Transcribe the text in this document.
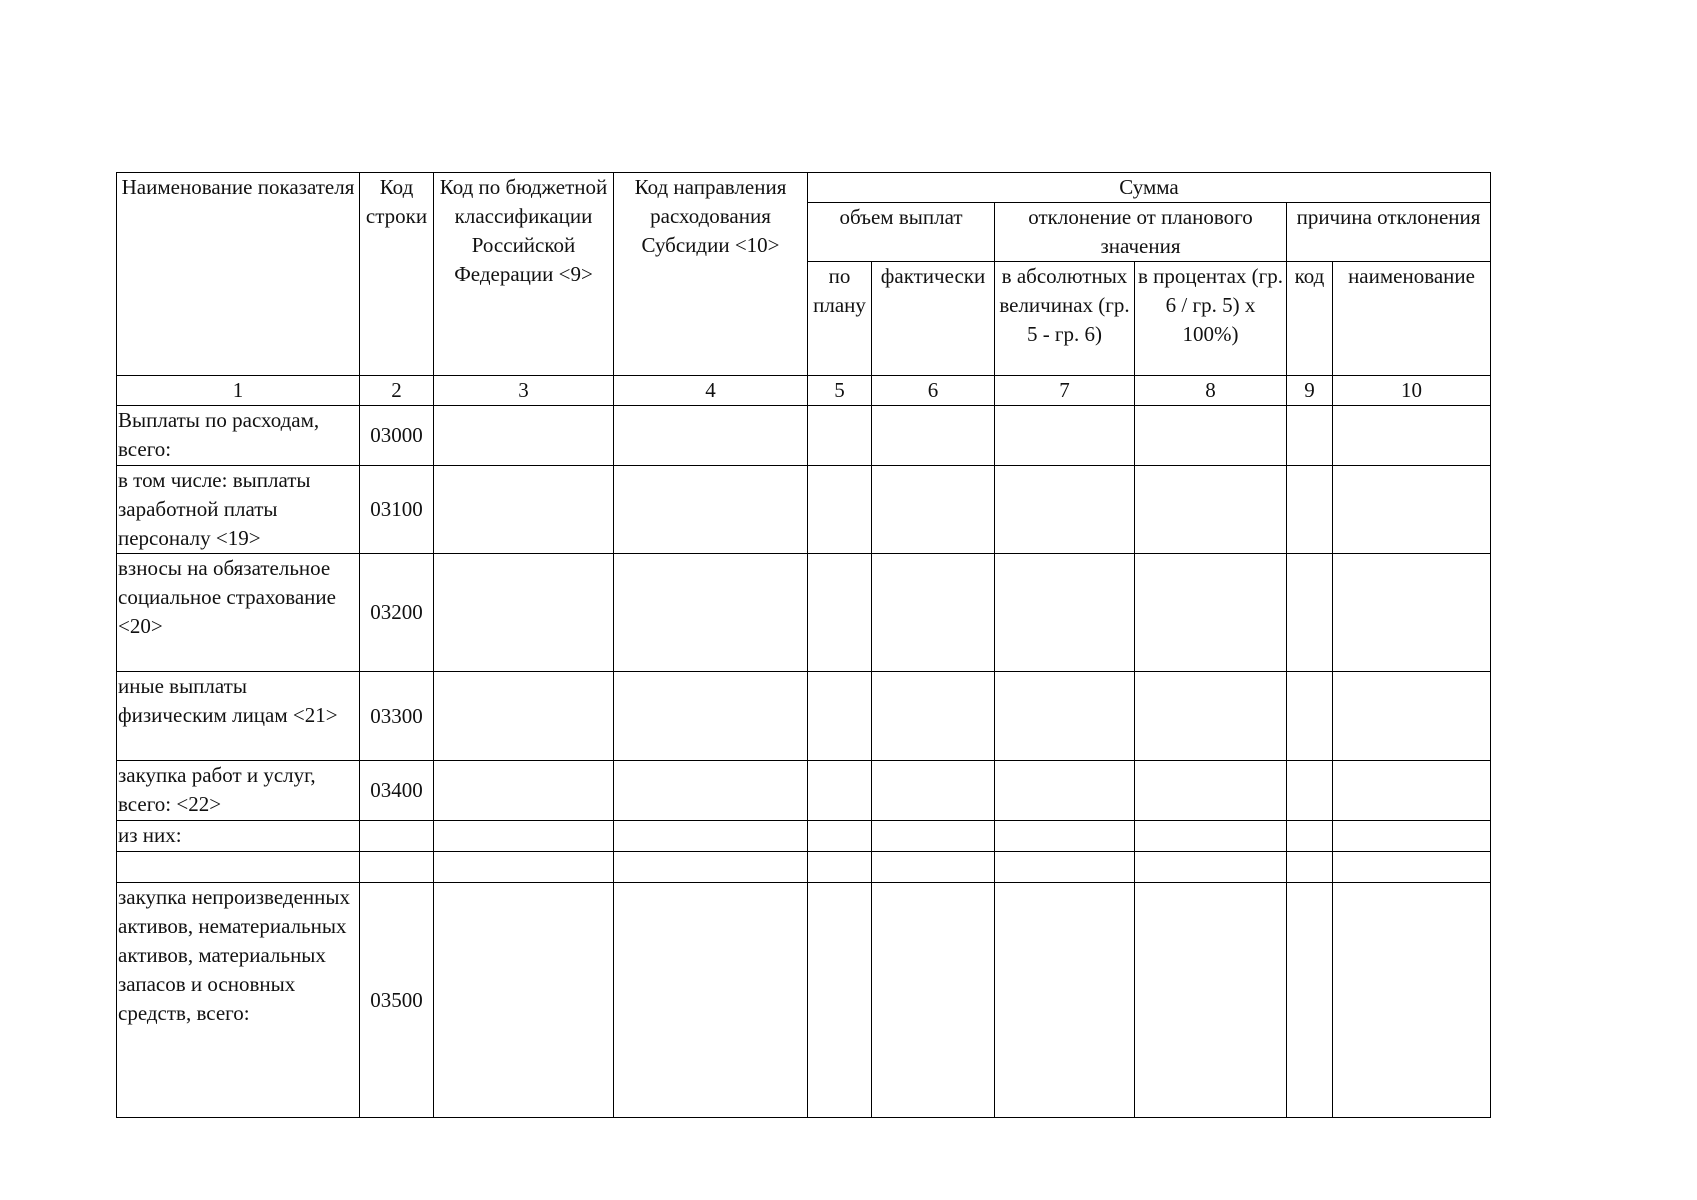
Наименование показателя	Код строки	Код по бюджетной классификации Российской Федерации <9>	Код направления расходования Субсидии <10>	Сумма					
				объем выплат		отклонение от планового значения		причина отклонения	
				по плану	фактически	в абсолютных величинах (гр. 5 - гр. 6)	в процентах (гр. 6 / гр. 5) x 100%)	код	наименование
1	2	3	4	5	6	7	8	9	10
Выплаты по расходам, всего:	03000								
в том числе: выплаты заработной платы персоналу <19>	03100								
взносы на обязательное социальное страхование <20>	03200								
иные выплаты физическим лицам <21>	03300								
закупка работ и услуг, всего: <22>	03400								
из них:									

закупка непроизведенных активов, нематериальных активов, материальных запасов и основных средств, всего:	03500								
